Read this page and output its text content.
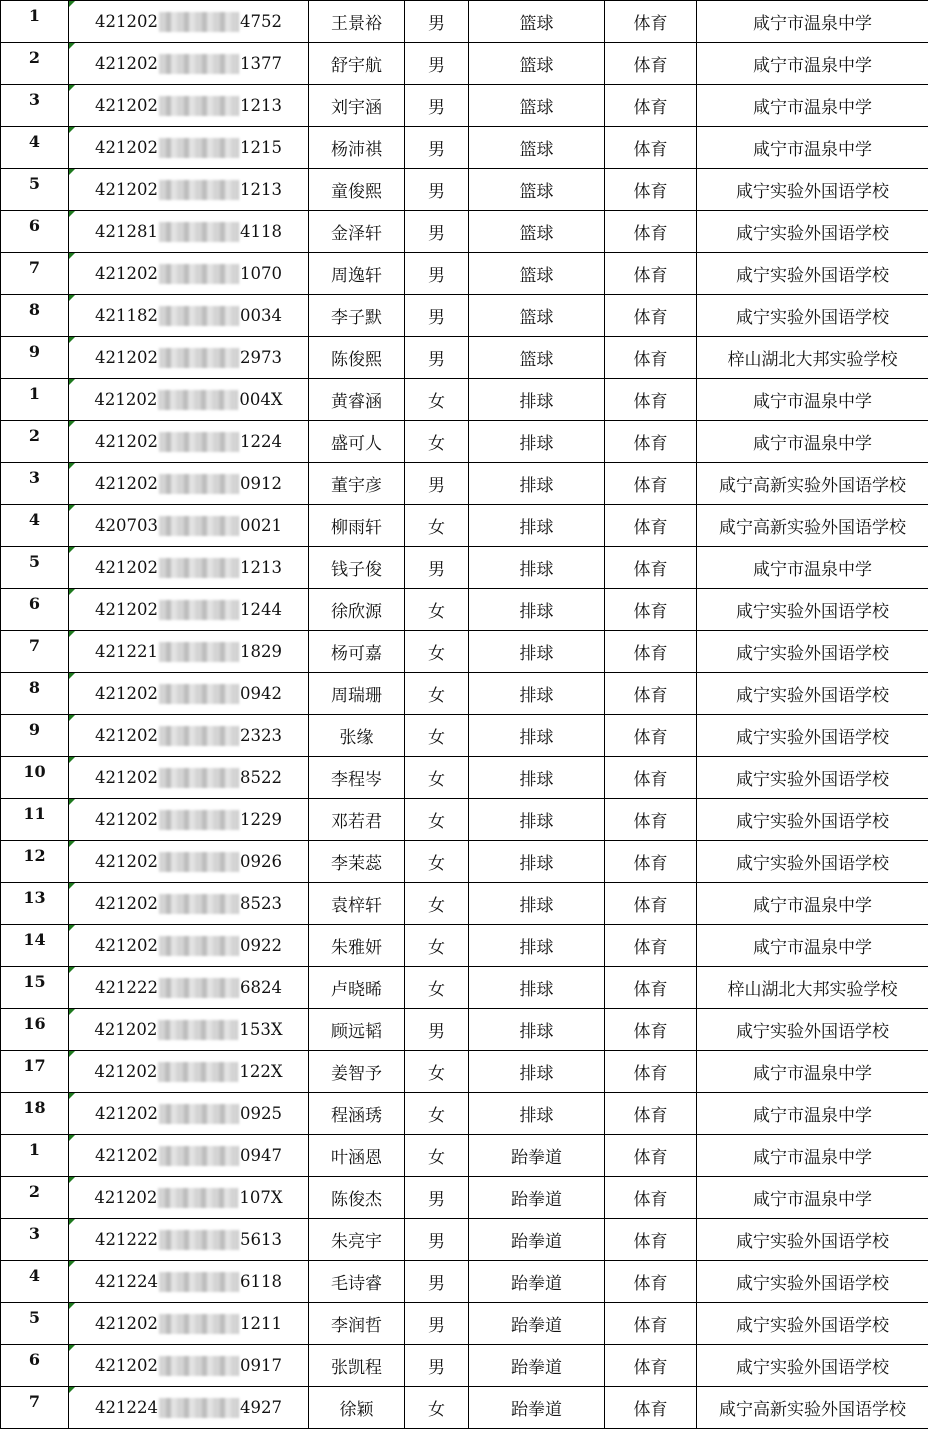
1	421202 4752	王景裕	男	篮球	体育	咸宁市温泉中学
2	421202 1377	舒宇航	男	篮球	体育	咸宁市温泉中学
3	421202 1213	刘宇涵	男	篮球	体育	咸宁市温泉中学
4	421202 1215	杨沛祺	男	篮球	体育	咸宁市温泉中学
5	421202 1213	童俊熙	男	篮球	体育	咸宁实验外国语学校
6	421281 4118	金泽轩	男	篮球	体育	咸宁实验外国语学校
7	421202 1070	周逸轩	男	篮球	体育	咸宁实验外国语学校
8	421182 0034	李子默	男	篮球	体育	咸宁实验外国语学校
9	421202 2973	陈俊熙	男	篮球	体育	梓山湖北大邦实验学校
1	421202 004X	黄睿涵	女	排球	体育	咸宁市温泉中学
2	421202 1224	盛可人	女	排球	体育	咸宁市温泉中学
3	421202 0912	董宇彦	男	排球	体育	咸宁高新实验外国语学校
4	420703 0021	柳雨轩	女	排球	体育	咸宁高新实验外国语学校
5	421202 1213	钱子俊	男	排球	体育	咸宁市温泉中学
6	421202 1244	徐欣源	女	排球	体育	咸宁实验外国语学校
7	421221 1829	杨可嘉	女	排球	体育	咸宁实验外国语学校
8	421202 0942	周瑞珊	女	排球	体育	咸宁实验外国语学校
9	421202 2323	张缘	女	排球	体育	咸宁实验外国语学校
10	421202 8522	李程岑	女	排球	体育	咸宁实验外国语学校
11	421202 1229	邓若君	女	排球	体育	咸宁实验外国语学校
12	421202 0926	李茉蕊	女	排球	体育	咸宁实验外国语学校
13	421202 8523	袁梓轩	女	排球	体育	咸宁市温泉中学
14	421202 0922	朱雅妍	女	排球	体育	咸宁市温泉中学
15	421222 6824	卢晓晞	女	排球	体育	梓山湖北大邦实验学校
16	421202 153X	顾远韬	男	排球	体育	咸宁实验外国语学校
17	421202 122X	姜智予	女	排球	体育	咸宁市温泉中学
18	421202 0925	程涵琇	女	排球	体育	咸宁市温泉中学
1	421202 0947	叶涵恩	女	跆拳道	体育	咸宁市温泉中学
2	421202 107X	陈俊杰	男	跆拳道	体育	咸宁市温泉中学
3	421222 5613	朱亮宇	男	跆拳道	体育	咸宁实验外国语学校
4	421224 6118	毛诗睿	男	跆拳道	体育	咸宁实验外国语学校
5	421202 1211	李润哲	男	跆拳道	体育	咸宁实验外国语学校
6	421202 0917	张凯程	男	跆拳道	体育	咸宁实验外国语学校
7	421224 4927	徐颖	女	跆拳道	体育	咸宁高新实验外国语学校
